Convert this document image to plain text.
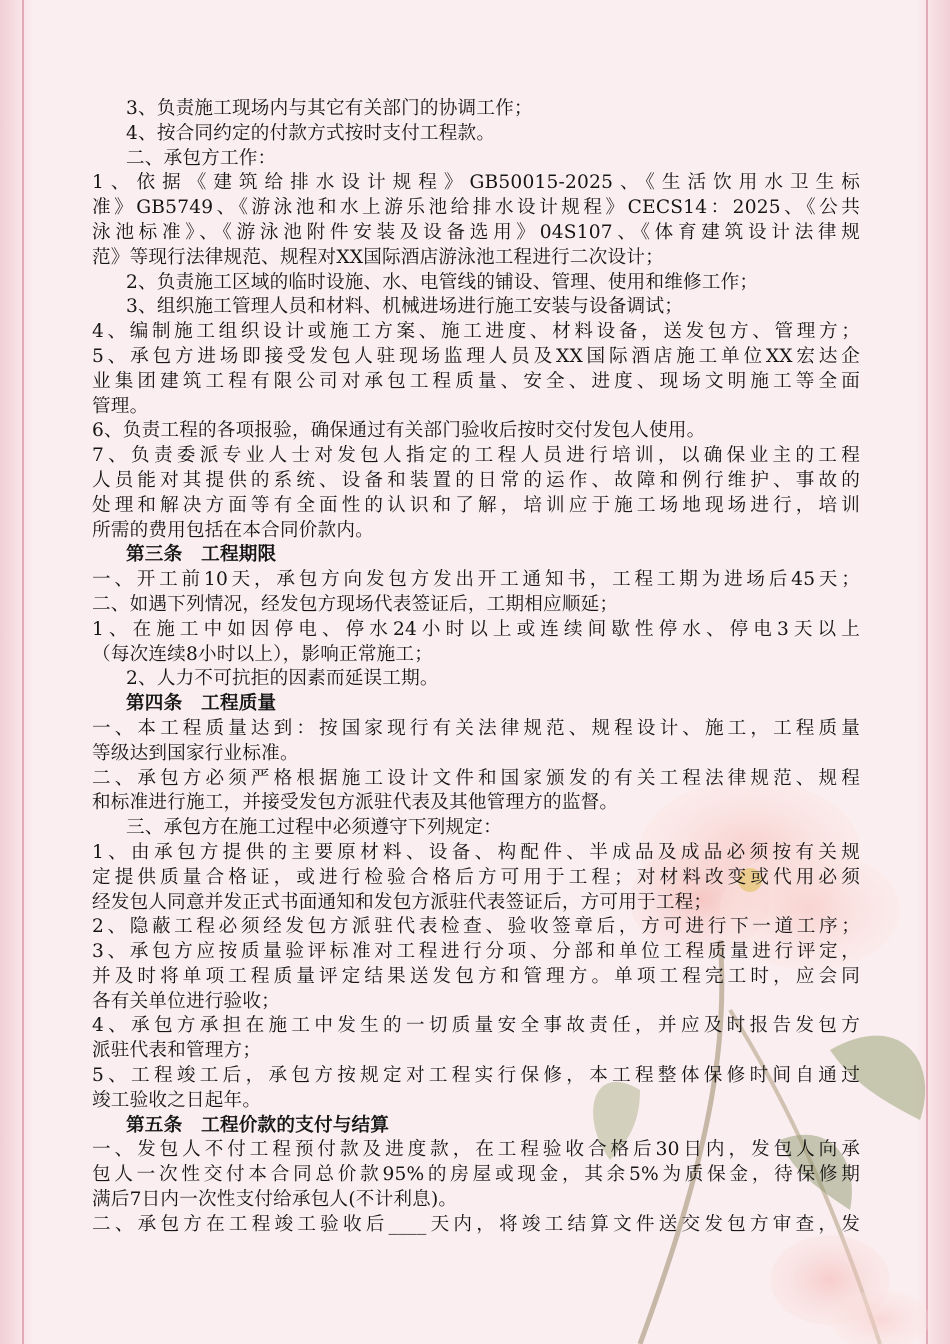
3、负责施工现场内与其它有关部门的协调工作；
4、按合同约定的付款方式按时支付工程款。
二、承包方工作：
1、依据《建筑给排水设计规程》GB50015-2025、《生活饮用水卫生标
准》GB5749、《游泳池和水上游乐池给排水设计规程》CECS14：2025、《公共
泳池标准》、《游泳池附件安装及设备选用》04S107、《体育建筑设计法律规
范》等现行法律规范、规程对XX国际酒店游泳池工程进行二次设计；
2、负责施工区域的临时设施、水、电管线的铺设、管理、使用和维修工作；
3、组织施工管理人员和材料、机械进场进行施工安装与设备调试；
4、编制施工组织设计或施工方案、施工进度、材料设备，送发包方、管理方；
5、承包方进场即接受发包人驻现场监理人员及XX国际酒店施工单位XX宏达企
业集团建筑工程有限公司对承包工程质量、安全、进度、现场文明施工等全面
管理。
6、负责工程的各项报验，确保通过有关部门验收后按时交付发包人使用。
7、负责委派专业人士对发包人指定的工程人员进行培训，以确保业主的工程
人员能对其提供的系统、设备和装置的日常的运作、故障和例行维护、事故的
处理和解决方面等有全面性的认识和了解，培训应于施工场地现场进行，培训
所需的费用包括在本合同价款内。
第三条　工程期限
一、开工前10天，承包方向发包方发出开工通知书，工程工期为进场后45天；
二、如遇下列情况，经发包方现场代表签证后，工期相应顺延；
1、在施工中如因停电、停水24小时以上或连续间歇性停水、停电3天以上
（每次连续8小时以上），影响正常施工；
2、人力不可抗拒的因素而延误工期。
第四条　工程质量
一、本工程质量达到：按国家现行有关法律规范、规程设计、施工，工程质量
等级达到国家行业标准。
二、承包方必须严格根据施工设计文件和国家颁发的有关工程法律规范、规程
和标准进行施工，并接受发包方派驻代表及其他管理方的监督。
三、承包方在施工过程中必须遵守下列规定：
1、由承包方提供的主要原材料、设备、构配件、半成品及成品必须按有关规
定提供质量合格证，或进行检验合格后方可用于工程；对材料改变或代用必须
经发包人同意并发正式书面通知和发包方派驻代表签证后，方可用于工程；
2、隐蔽工程必须经发包方派驻代表检查、验收签章后，方可进行下一道工序；
3、承包方应按质量验评标准对工程进行分项、分部和单位工程质量进行评定，
并及时将单项工程质量评定结果送发包方和管理方。单项工程完工时，应会同
各有关单位进行验收；
4、承包方承担在施工中发生的一切质量安全事故责任，并应及时报告发包方
派驻代表和管理方；
5、工程竣工后，承包方按规定对工程实行保修，本工程整体保修时间自通过
竣工验收之日起年。
第五条　工程价款的支付与结算
一、发包人不付工程预付款及进度款，在工程验收合格后30日内，发包人向承
包人一次性交付本合同总价款95%的房屋或现金，其余5%为质保金，待保修期
满后7日内一次性支付给承包人(不计利息)。
二、承包方在工程竣工验收后____天内，将竣工结算文件送交发包方审查，发
